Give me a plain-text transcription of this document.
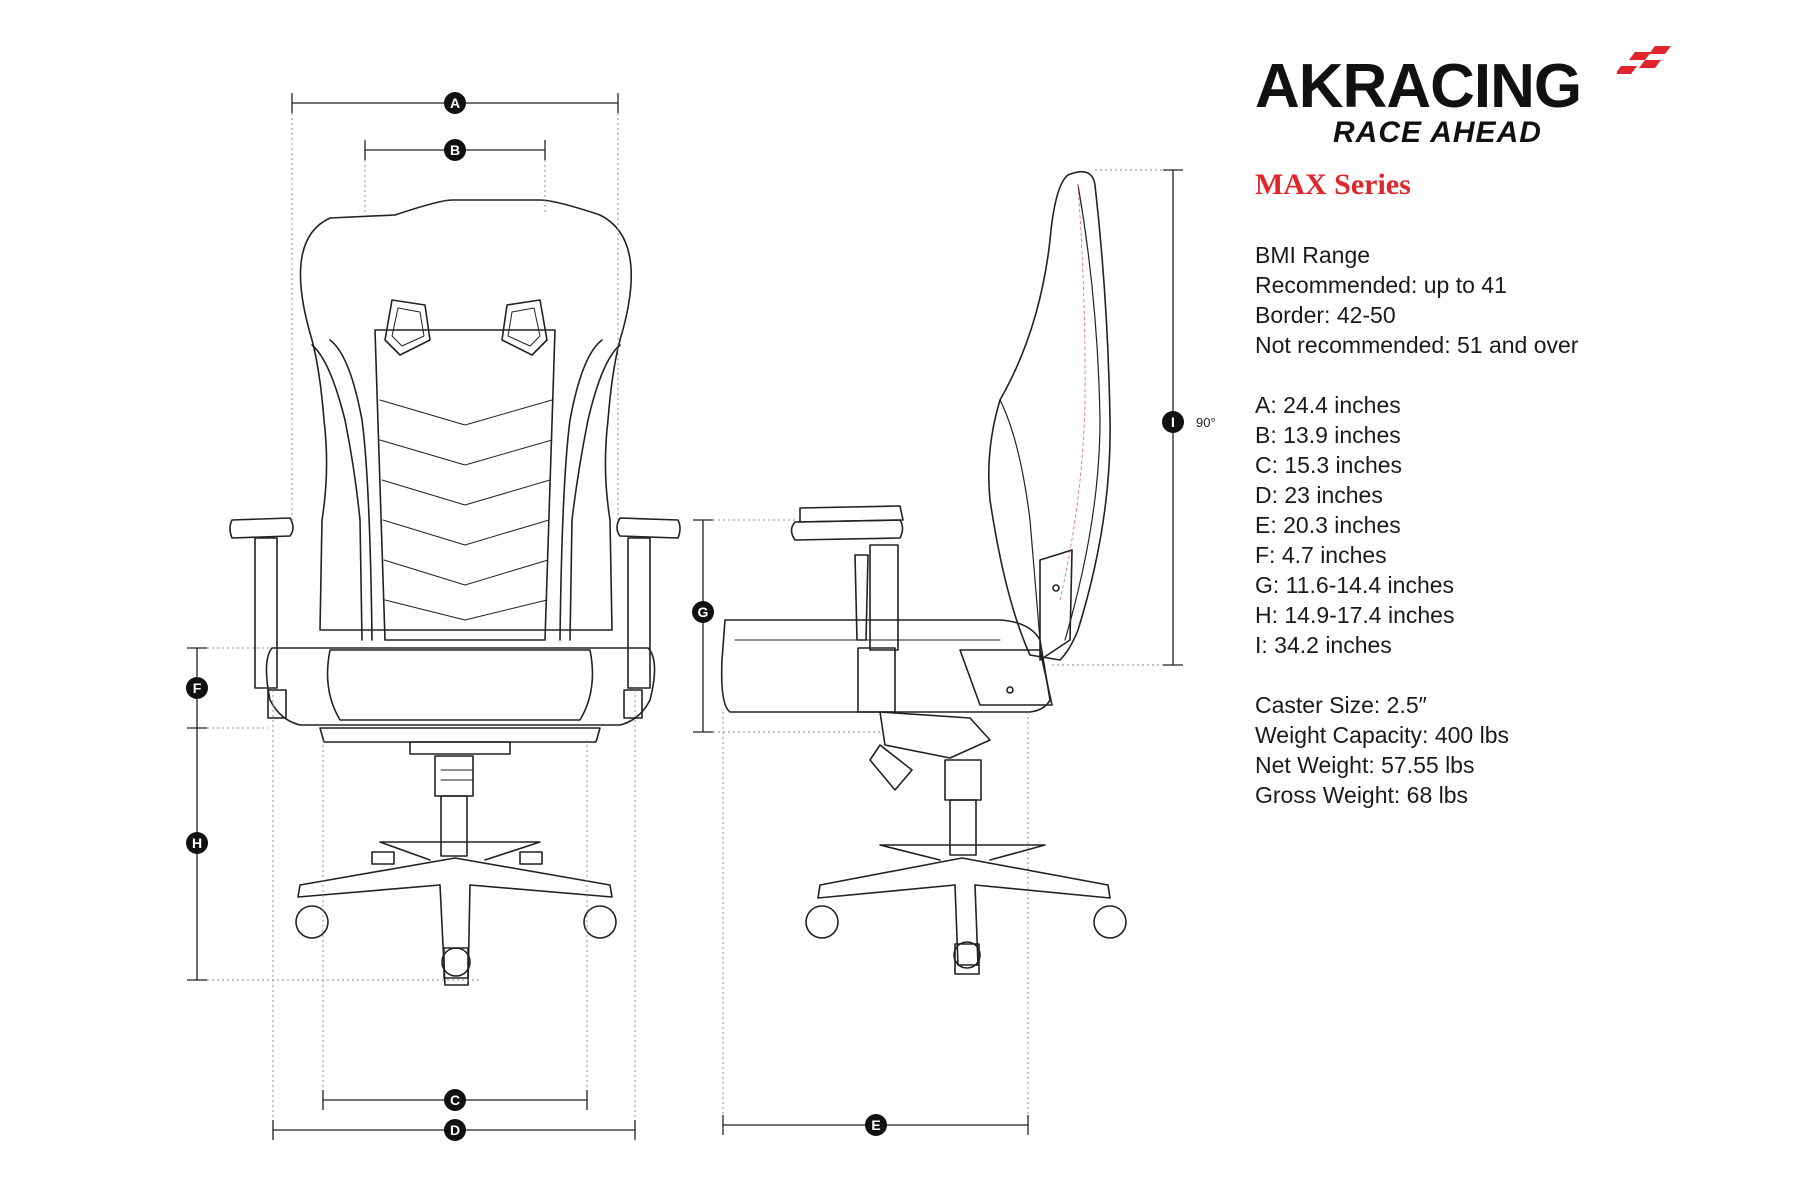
A
B
C
D	E
F
G
H
I 90°
AKRACING
RACE AHEAD
MAX Series
BMI Range
Recommended: up to 41
Border: 42-50
Not recommended: 51 and over
A: 24.4 inches
B: 13.9 inches
C: 15.3 inches
D: 23 inches
E: 20.3 inches
F: 4.7 inches
G: 11.6-14.4 inches
H: 14.9-17.4 inches
I: 34.2 inches
Caster Size: 2.5″
Weight Capacity: 400 lbs
Net Weight: 57.55 lbs
Gross Weight: 68 lbs
